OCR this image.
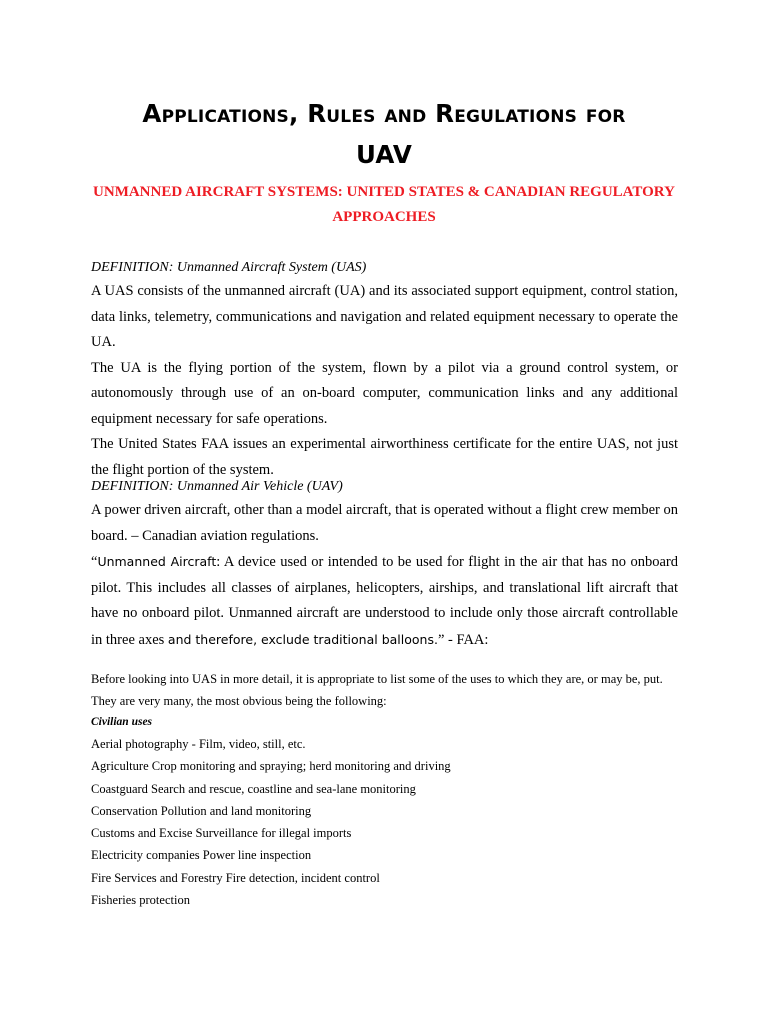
Applications, Rules and Regulations for
UAV
UNMANNED AIRCRAFT SYSTEMS: UNITED STATES & CANADIAN REGULATORY
APPROACHES

DEFINITION: Unmanned Aircraft System (UAS)

A UAS consists of the unmanned aircraft (UA) and its associated support equipment, control station, data links, telemetry, communications and navigation and related equipment necessary to operate the UA.

The UA is the flying portion of the system, flown by a pilot via a ground control system, or autonomously through use of an on-board computer, communication links and any additional equipment necessary for safe operations.

The United States FAA issues an experimental airworthiness certificate for the entire UAS, not just the flight portion of the system.

DEFINITION: Unmanned Air Vehicle (UAV)

A power driven aircraft, other than a model aircraft, that is operated without a flight crew member on board. – Canadian aviation regulations.

“Unmanned Aircraft: A device used or intended to be used for flight in the air that has no onboard pilot. This includes all classes of airplanes, helicopters, airships, and translational lift aircraft that have no onboard pilot. Unmanned aircraft are understood to include only those aircraft controllable in three axes and therefore, exclude traditional balloons.” - FAA:

Before looking into UAS in more detail, it is appropriate to list some of the uses to which they are, or may be, put. They are very many, the most obvious being the following:

Civilian uses

Aerial photography - Film, video, still, etc.
Agriculture Crop monitoring and spraying; herd monitoring and driving
Coastguard Search and rescue, coastline and sea-lane monitoring
Conservation Pollution and land monitoring
Customs and Excise Surveillance for illegal imports
Electricity companies Power line inspection
Fire Services and Forestry Fire detection, incident control
Fisheries protection
